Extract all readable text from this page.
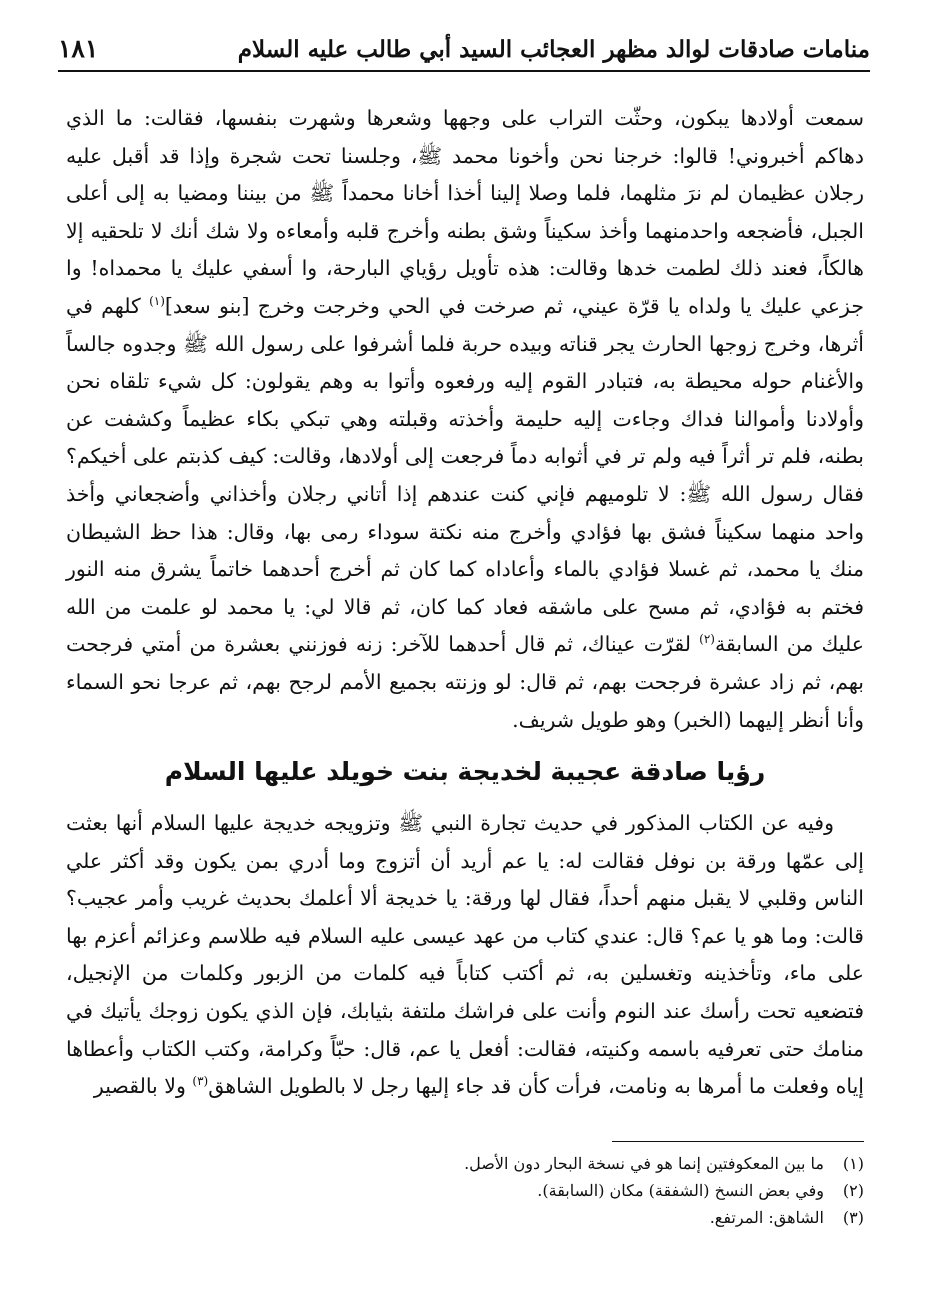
منامات صادقات لوالد مظهر العجائب السيد أبي طالب عليه السلام
١٨١

سمعت أولادها يبكون، وحثّت التراب على وجهها وشعرها وشهرت بنفسها، فقالت: ما الذي دهاكم أخبروني! قالوا: خرجنا نحن وأخونا محمد ﷺ، وجلسنا تحت شجرة وإذا قد أقبل عليه رجلان عظيمان لم نرَ مثلهما، فلما وصلا إلينا أخذا أخانا محمداً ﷺ من بيننا ومضيا به إلى أعلى الجبل، فأضجعه واحدمنهما وأخذ سكيناً وشق بطنه وأخرج قلبه وأمعاءه ولا شك أنك لا تلحقيه إلا هالكاً، فعند ذلك لطمت خدها وقالت: هذه تأويل رؤياي البارحة، وا أسفي عليك يا محمداه! وا جزعي عليك يا ولداه يا قرّة عيني، ثم صرخت في الحي وخرجت وخرج [بنو سعد]$^{(١)}$ كلهم في أثرها، وخرج زوجها الحارث يجر قناته وبيده حربة فلما أشرفوا على رسول الله ﷺ وجدوه جالساً والأغنام حوله محيطة به، فتبادر القوم إليه ورفعوه وأتوا به وهم يقولون: كل شيء تلقاه نحن وأولادنا وأموالنا فداك وجاءت إليه حليمة وأخذته وقبلته وهي تبكي بكاء عظيماً وكشفت عن بطنه، فلم تر أثراً فيه ولم تر في أثوابه دماً فرجعت إلى أولادها، وقالت: كيف كذبتم على أخيكم؟ فقال رسول الله ﷺ: لا تلوميهم فإني كنت عندهم إذا أتاني رجلان وأخذاني وأضجعاني وأخذ واحد منهما سكيناً فشق بها فؤادي وأخرج منه نكتة سوداء رمى بها، وقال: هذا حظ الشيطان منك يا محمد، ثم غسلا فؤادي بالماء وأعاداه كما كان ثم أخرج أحدهما خاتماً يشرق منه النور فختم به فؤادي، ثم مسح على ماشقه فعاد كما كان، ثم قالا لي: يا محمد لو علمت من الله عليك من السابقة$^{(٢)}$ لقرّت عيناك، ثم قال أحدهما للآخر: زنه فوزنني بعشرة من أمتي فرجحت بهم، ثم زاد عشرة فرجحت بهم، ثم قال: لو وزنته بجميع الأمم لرجح بهم، ثم عرجا نحو السماء وأنا أنظر إليهما (الخبر) وهو طويل شريف.

رؤيا صادقة عجيبة لخديجة بنت خويلد عليها السلام

وفيه عن الكتاب المذكور في حديث تجارة النبي ﷺ وتزويجه خديجة عليها السلام أنها بعثت إلى عمّها ورقة بن نوفل فقالت له: يا عم أريد أن أتزوج وما أدري بمن يكون وقد أكثر علي الناس وقلبي لا يقبل منهم أحداً، فقال لها ورقة: يا خديجة ألا أعلمك بحديث غريب وأمر عجيب؟ قالت: وما هو يا عم؟ قال: عندي كتاب من عهد عيسى عليه السلام فيه طلاسم وعزائم أعزم بها على ماء، وتأخذينه وتغسلين به، ثم أكتب كتاباً فيه كلمات من الزبور وكلمات من الإنجيل، فتضعيه تحت رأسك عند النوم وأنت على فراشك ملتفة بثيابك، فإن الذي يكون زوجك يأتيك في منامك حتى تعرفيه باسمه وكنيته، فقالت: أفعل يا عم، قال: حبّاً وكرامة، وكتب الكتاب وأعطاها إياه وفعلت ما أمرها به ونامت، فرأت كأن قد جاء إليها رجل لا بالطويل الشاهق$^{(٣)}$ ولا بالقصير

(١)
ما بين المعكوفتين إنما هو في نسخة البحار دون الأصل.
(٢)
وفي بعض النسخ (الشفقة) مكان (السابقة).
(٣)
الشاهق: المرتفع.
